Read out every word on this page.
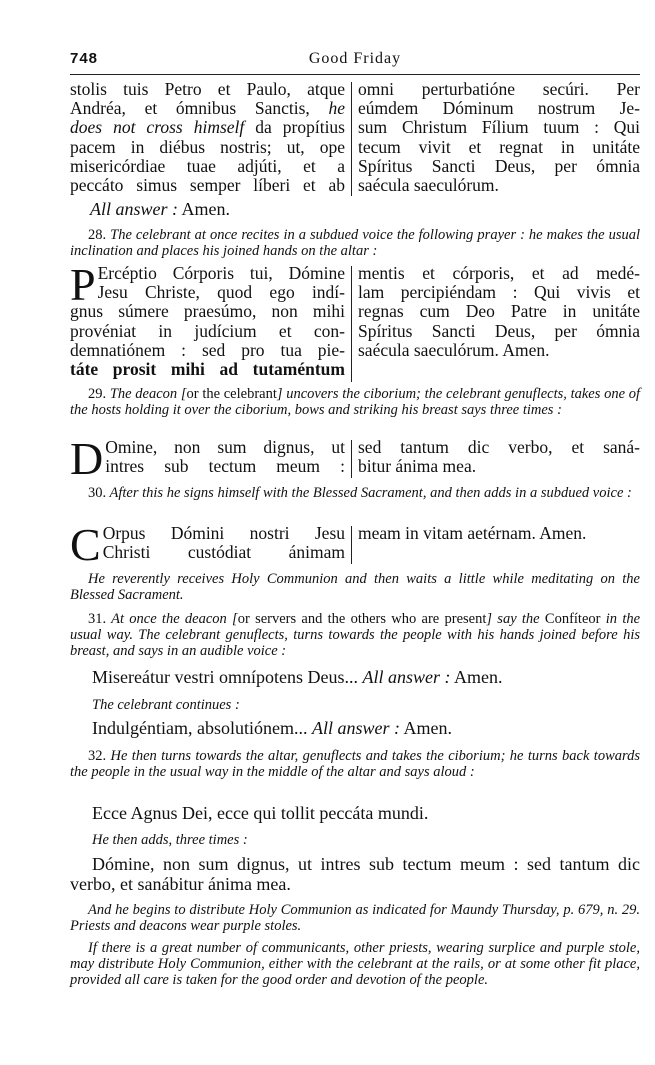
748	Good Friday
stolis tuis Petro et Paulo, atque
Andréa, et ómnibus Sanctis, he
does not cross himself da propítius
pacem in diébus nostris; ut, ope
misericórdiae tuae adjúti, et a
peccáto simus semper líberi et ab
omni perturbatióne secúri. Per
eúmdem Dóminum nostrum Je-
sum Christum Fílium tuum : Qui
tecum vivit et regnat in unitáte
Spíritus Sancti Deus, per ómnia
saécula saeculórum.
All answer : Amen.
28. The celebrant at once recites in a subdued voice the following prayer : he makes the usual inclination and places his joined hands on the altar :
P Ercéptio Córporis tui, Dómine
Jesu Christe, quod ego indí-
gnus súmere praesúmo, non mihi
provéniat in judícium et con-
demnatiónem : sed pro tua pie-
táte prosit mihi ad tutaméntum
mentis et córporis, et ad medé-
lam percipiéndam : Qui vivis et
regnas cum Deo Patre in unitáte
Spíritus Sancti Deus, per ómnia
saécula saeculórum. Amen.
29. The deacon [or the celebrant] uncovers the ciborium; the celebrant genuflects, takes one of the hosts holding it over the ciborium, bows and striking his breast says three times :
D Omine, non sum dignus, ut
intres sub tectum meum :
sed tantum dic verbo, et saná-
bitur ánima mea.
30. After this he signs himself with the Blessed Sacrament, and then adds in a subdued voice :
C Orpus Dómini nostri Jesu
Christi custódiat ánimam
meam in vitam aetérnam. Amen.
He reverently receives Holy Communion and then waits a little while meditating on the Blessed Sacrament.
31. At once the deacon [or servers and the others who are present] say the Confíteor in the usual way. The celebrant genuflects, turns towards the people with his hands joined before his breast, and says in an audible voice :
Misereátur vestri omnípotens Deus... All answer : Amen.
The celebrant continues :
Indulgéntiam, absolutiónem... All answer : Amen.
32. He then turns towards the altar, genuflects and takes the ciborium; he turns back towards the people in the usual way in the middle of the altar and says aloud :
Ecce Agnus Dei, ecce qui tollit peccáta mundi.
He then adds, three times :
Dómine, non sum dignus, ut intres sub tectum meum : sed tantum dic verbo, et sanábitur ánima mea.
And he begins to distribute Holy Communion as indicated for Maundy Thursday, p. 679, n. 29. Priests and deacons wear purple stoles.
If there is a great number of communicants, other priests, wearing surplice and purple stole, may distribute Holy Communion, either with the celebrant at the rails, or at some other fit place, provided all care is taken for the good order and devotion of the people.
